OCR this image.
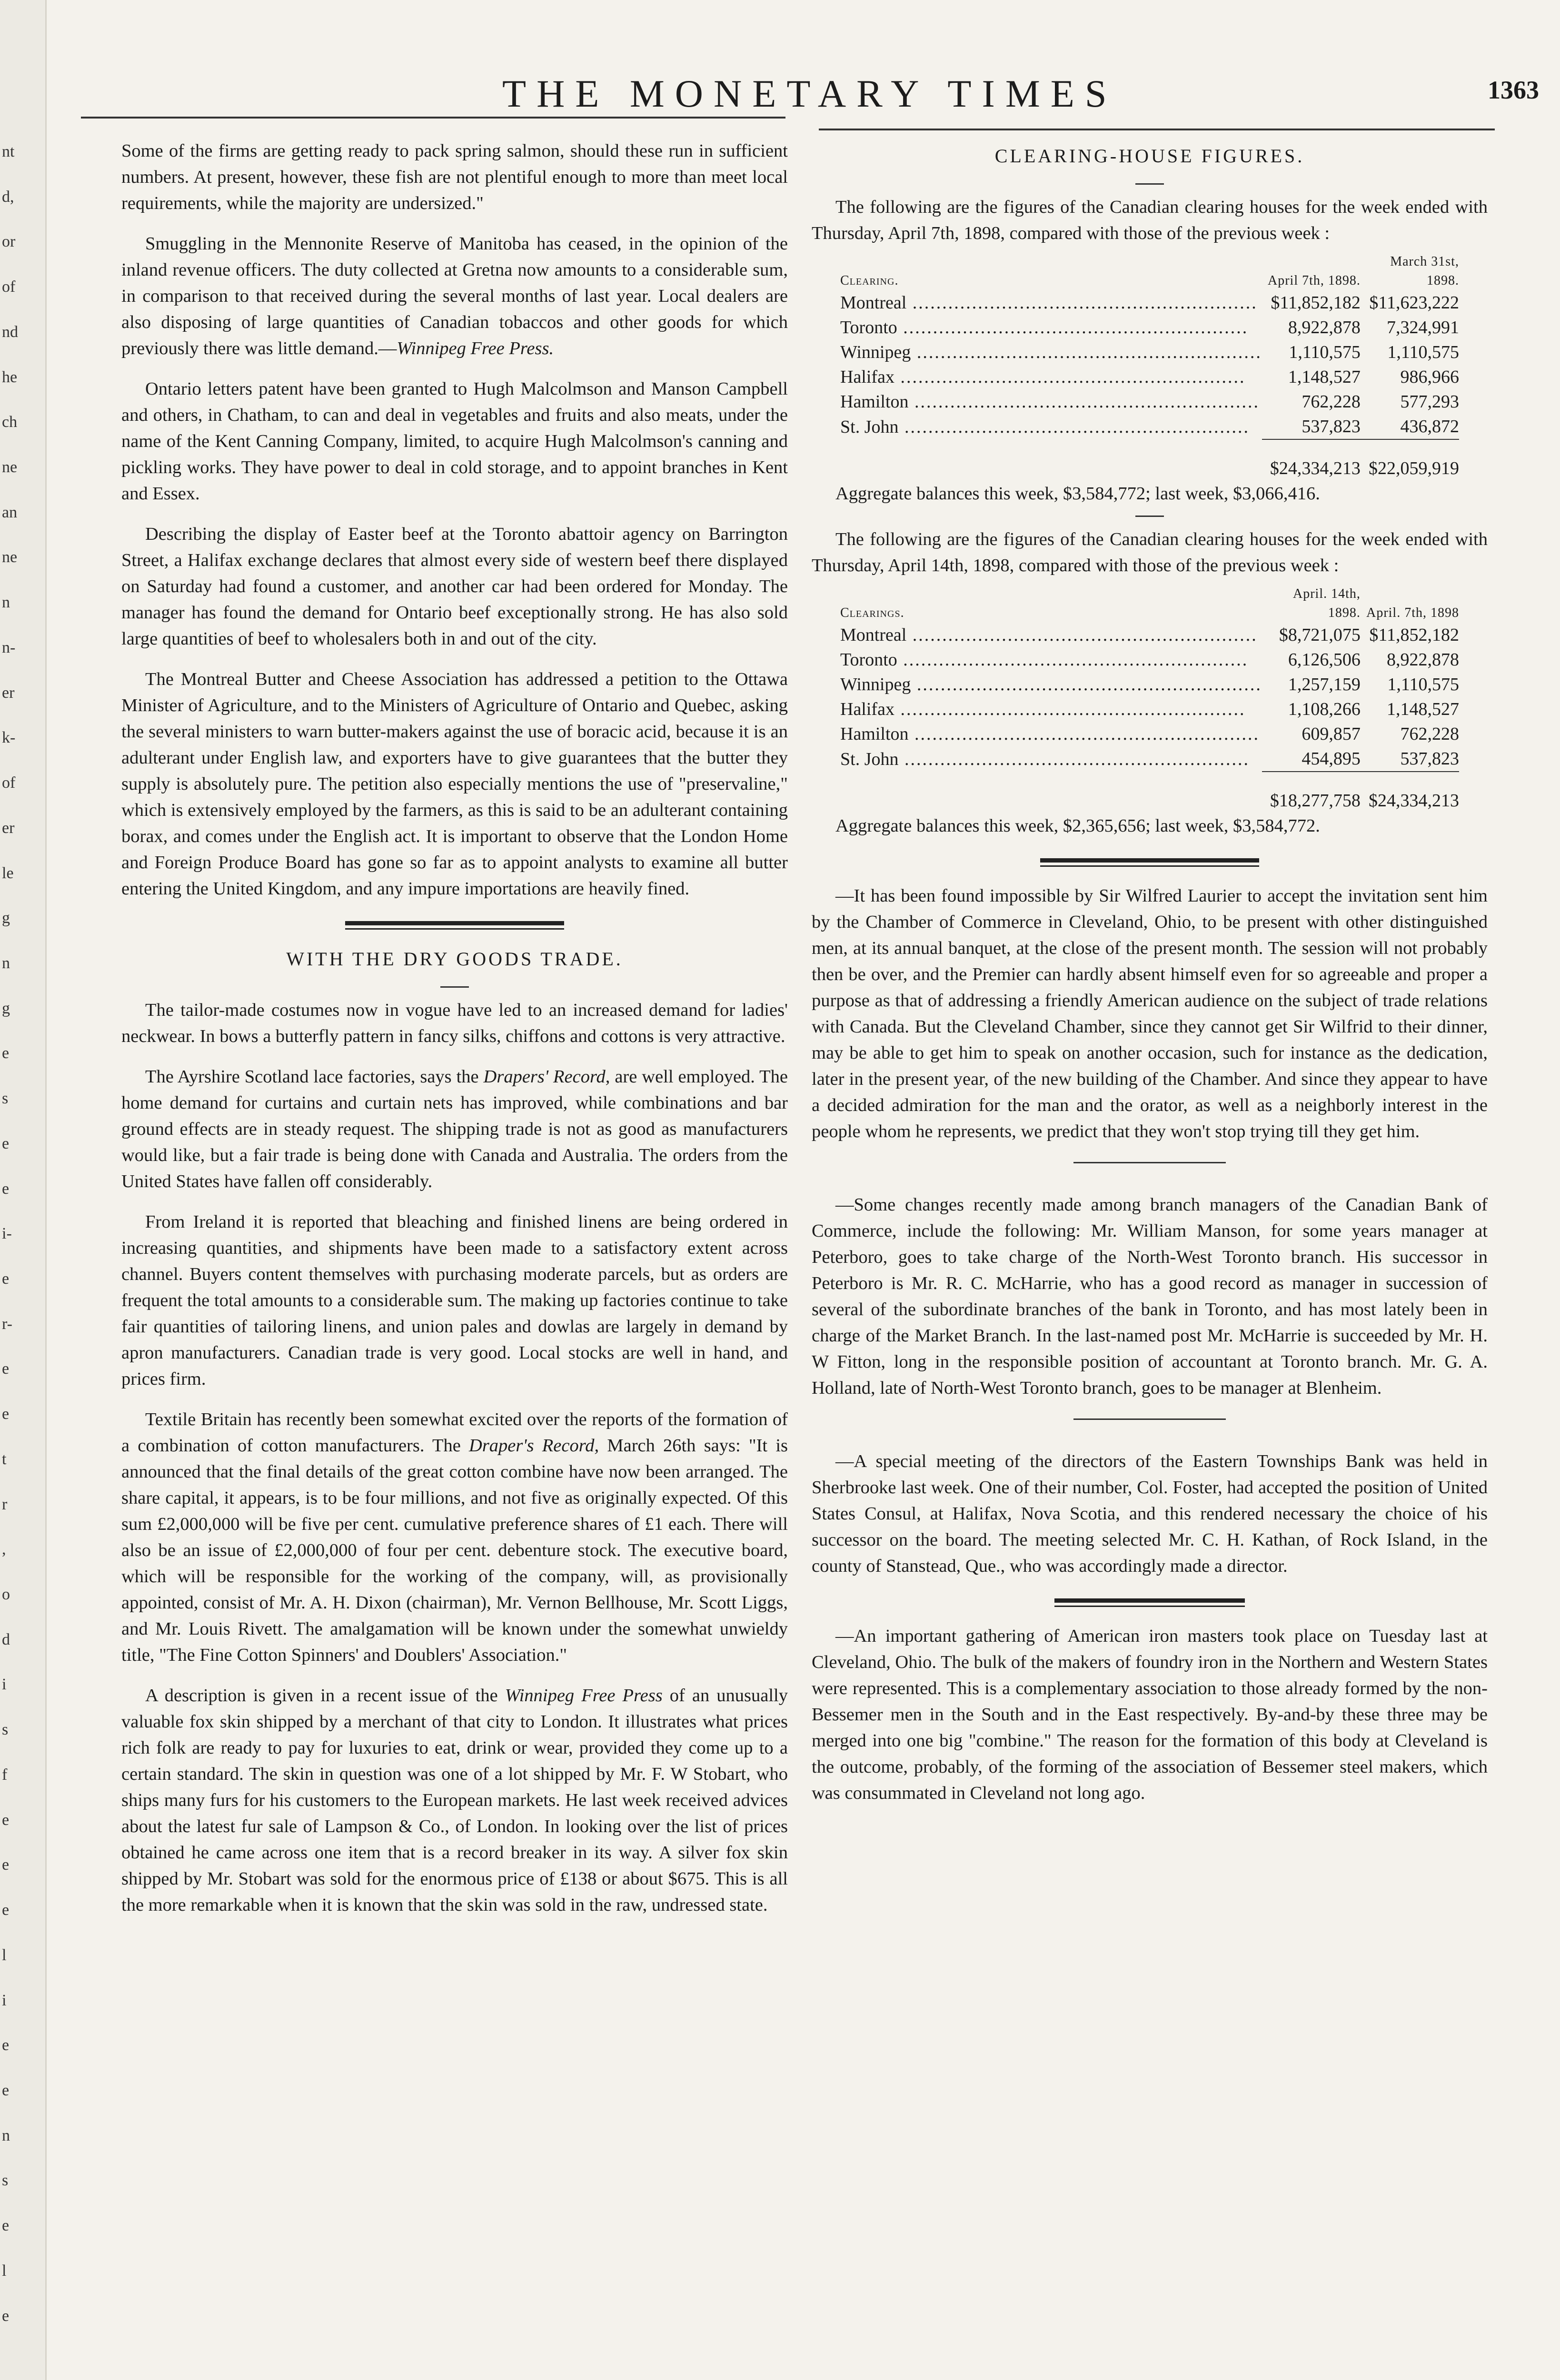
nt
d,
or
of
nd
he
ch
ne
an
ne
n
n-
er
k-
of
er
le
g
n
g
e
s
e
e
i-
e
r-
e
e
t
r
,
o
d
i
s
f
e
e
e
l
i
e
e
n
s
e
l
e
THE MONETARY TIMES	1363

Some of the firms are getting ready to pack spring salmon, should these run in sufficient numbers. At present, however, these fish are not plentiful enough to more than meet local requirements, while the majority are undersized."

Smuggling in the Mennonite Reserve of Manitoba has ceased, in the opinion of the inland revenue officers. The duty collected at Gretna now amounts to a considerable sum, in comparison to that received during the several months of last year. Local dealers are also disposing of large quantities of Canadian tobaccos and other goods for which previously there was little demand.—Winnipeg Free Press.

Ontario letters patent have been granted to Hugh Malcolmson and Manson Campbell and others, in Chatham, to can and deal in vegetables and fruits and also meats, under the name of the Kent Canning Company, limited, to acquire Hugh Malcolmson's canning and pickling works. They have power to deal in cold storage, and to appoint branches in Kent and Essex.

Describing the display of Easter beef at the Toronto abattoir agency on Barrington Street, a Halifax exchange declares that almost every side of western beef there displayed on Saturday had found a customer, and another car had been ordered for Monday. The manager has found the demand for Ontario beef exceptionally strong. He has also sold large quantities of beef to wholesalers both in and out of the city.

The Montreal Butter and Cheese Association has addressed a petition to the Ottawa Minister of Agriculture, and to the Ministers of Agriculture of Ontario and Quebec, asking the several ministers to warn butter-makers against the use of boracic acid, because it is an adulterant under English law, and exporters have to give guarantees that the butter they supply is absolutely pure. The petition also especially mentions the use of "preservaline," which is extensively employed by the farmers, as this is said to be an adulterant containing borax, and comes under the English act. It is important to observe that the London Home and Foreign Produce Board has gone so far as to appoint analysts to examine all butter entering the United Kingdom, and any impure importations are heavily fined.

WITH THE DRY GOODS TRADE.

The tailor-made costumes now in vogue have led to an increased demand for ladies' neckwear. In bows a butterfly pattern in fancy silks, chiffons and cottons is very attractive.

The Ayrshire Scotland lace factories, says the Drapers' Record, are well employed. The home demand for curtains and curtain nets has improved, while combinations and bar ground effects are in steady request. The shipping trade is not as good as manufacturers would like, but a fair trade is being done with Canada and Australia. The orders from the United States have fallen off considerably.

From Ireland it is reported that bleaching and finished linens are being ordered in increasing quantities, and shipments have been made to a satisfactory extent across channel. Buyers content themselves with purchasing moderate parcels, but as orders are frequent the total amounts to a considerable sum. The making up factories continue to take fair quantities of tailoring linens, and union pales and dowlas are largely in demand by apron manufacturers. Canadian trade is very good. Local stocks are well in hand, and prices firm.

Textile Britain has recently been somewhat excited over the reports of the formation of a combination of cotton manufacturers. The Draper's Record, March 26th says: "It is announced that the final details of the great cotton combine have now been arranged. The share capital, it appears, is to be four millions, and not five as originally expected. Of this sum £2,000,000 will be five per cent. cumulative preference shares of £1 each. There will also be an issue of £2,000,000 of four per cent. debenture stock. The executive board, which will be responsible for the working of the company, will, as provisionally appointed, consist of Mr. A. H. Dixon (chairman), Mr. Vernon Bellhouse, Mr. Scott Liggs, and Mr. Louis Rivett. The amalgamation will be known under the somewhat unwieldy title, "The Fine Cotton Spinners' and Doublers' Association."

A description is given in a recent issue of the Winnipeg Free Press of an unusually valuable fox skin shipped by a merchant of that city to London. It illustrates what prices rich folk are ready to pay for luxuries to eat, drink or wear, provided they come up to a certain standard. The skin in question was one of a lot shipped by Mr. F. W Stobart, who ships many furs for his customers to the European markets. He last week received advices about the latest fur sale of Lampson & Co., of London. In looking over the list of prices obtained he came across one item that is a record breaker in its way. A silver fox skin shipped by Mr. Stobart was sold for the enormous price of £138 or about $675. This is all the more remarkable when it is known that the skin was sold in the raw, undressed state.

CLEARING-HOUSE FIGURES.

The following are the figures of the Canadian clearing houses for the week ended with Thursday, April 7th, 1898, compared with those of the previous week :

Clearing.	April 7th, 1898.	March 31st, 1898.
Montreal .....	$11,852,182	$11,623,222
Toronto .....	8,922,878	7,324,991
Winnipeg .....	1,110,575	1,110,575
Halifax .....	1,148,527	986,966
Hamilton .....	762,228	577,293
St. John .....	537,823	436,872
	$24,334,213	$22,059,919

Aggregate balances this week, $3,584,772; last week, $3,066,416.

The following are the figures of the Canadian clearing houses for the week ended with Thursday, April 14th, 1898, compared with those of the previous week :

Clearings.	April. 14th, 1898.	April. 7th, 1898
Montreal .....	$8,721,075	$11,852,182
Toronto .....	6,126,506	8,922,878
Winnipeg .....	1,257,159	1,110,575
Halifax .....	1,108,266	1,148,527
Hamilton .....	609,857	762,228
St. John .....	454,895	537,823
	$18,277,758	$24,334,213

Aggregate balances this week, $2,365,656; last week, $3,584,772.

—It has been found impossible by Sir Wilfred Laurier to accept the invitation sent him by the Chamber of Commerce in Cleveland, Ohio, to be present with other distinguished men, at its annual banquet, at the close of the present month. The session will not probably then be over, and the Premier can hardly absent himself even for so agreeable and proper a purpose as that of addressing a friendly American audience on the subject of trade relations with Canada. But the Cleveland Chamber, since they cannot get Sir Wilfrid to their dinner, may be able to get him to speak on another occasion, such for instance as the dedication, later in the present year, of the new building of the Chamber. And since they appear to have a decided admiration for the man and the orator, as well as a neighborly interest in the people whom he represents, we predict that they won't stop trying till they get him.

—Some changes recently made among branch managers of the Canadian Bank of Commerce, include the following: Mr. William Manson, for some years manager at Peterboro, goes to take charge of the North-West Toronto branch. His successor in Peterboro is Mr. R. C. McHarrie, who has a good record as manager in succession of several of the subordinate branches of the bank in Toronto, and has most lately been in charge of the Market Branch. In the last-named post Mr. McHarrie is succeeded by Mr. H. W Fitton, long in the responsible position of accountant at Toronto branch. Mr. G. A. Holland, late of North-West Toronto branch, goes to be manager at Blenheim.

—A special meeting of the directors of the Eastern Townships Bank was held in Sherbrooke last week. One of their number, Col. Foster, had accepted the position of United States Consul, at Halifax, Nova Scotia, and this rendered necessary the choice of his successor on the board. The meeting selected Mr. C. H. Kathan, of Rock Island, in the county of Stanstead, Que., who was accordingly made a director.

—An important gathering of American iron masters took place on Tuesday last at Cleveland, Ohio. The bulk of the makers of foundry iron in the Northern and Western States were represented. This is a complementary association to those already formed by the non-Bessemer men in the South and in the East respectively. By-and-by these three may be merged into one big "combine." The reason for the formation of this body at Cleveland is the outcome, probably, of the forming of the association of Bessemer steel makers, which was consummated in Cleveland not long ago.
